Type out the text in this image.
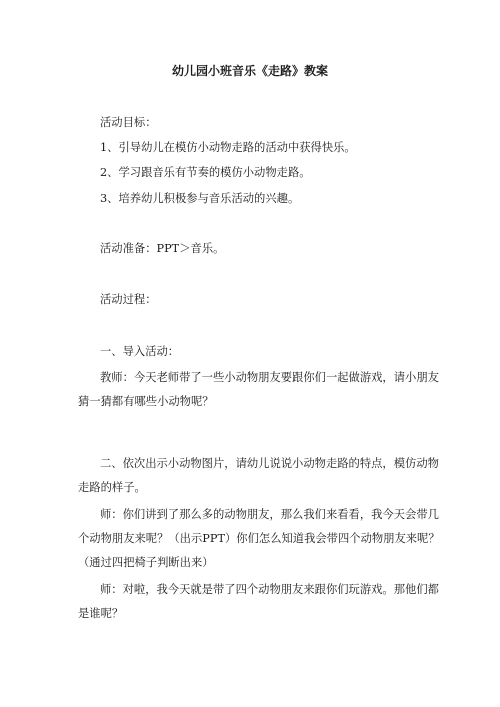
幼儿园小班音乐《走路》教案

活动目标：

1、引导幼儿在模仿小动物走路的活动中获得快乐。

2、学习跟音乐有节奏的模仿小动物走路。

3、培养幼儿积极参与音乐活动的兴趣。

活动准备：PPT＞音乐。

活动过程：

一、导入活动：

教师：今天老师带了一些小动物朋友要跟你们一起做游戏，请小朋友

猜一猜都有哪些小动物呢？

二、依次出示小动物图片，请幼儿说说小动物走路的特点，模仿动物

走路的样子。

师：你们讲到了那么多的动物朋友，那么我们来看看，我今天会带几

个动物朋友来呢？（出示PPT）你们怎么知道我会带四个动物朋友来呢？

（通过四把椅子判断出来）

师：对啦，我今天就是带了四个动物朋友来跟你们玩游戏。那他们都

是谁呢？
